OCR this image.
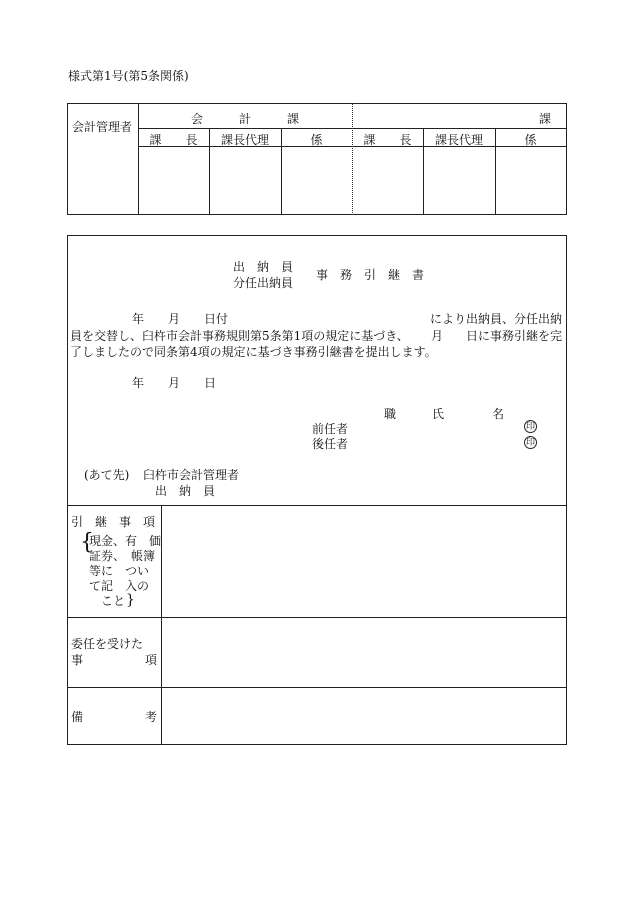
様式第1号(第5条関係)
会計管理者
会　　　計　　　課	課
課　　長	課長代理	係	課　　長	課長代理	係
出　納　員
分任出納員
事　務　引　継　書
年　　月　　日付	により出納員、分任出納
員を交替し、臼杵市会計事務規則第5条第1項の規定に基づき、 月 日に事務引継を完
了しましたので同条第4項の規定に基づき事務引継書を提出します。
年　　月　　日
職　　　氏　　　　名
前任者	印
後任者	印
(あて先) 臼杵市会計管理者
出　納　員
引　継　事　項
{
現金、有　価
証券、　帳簿
等に　つい
て記　入の
こと }
委任を受けた
事	項
備	考
